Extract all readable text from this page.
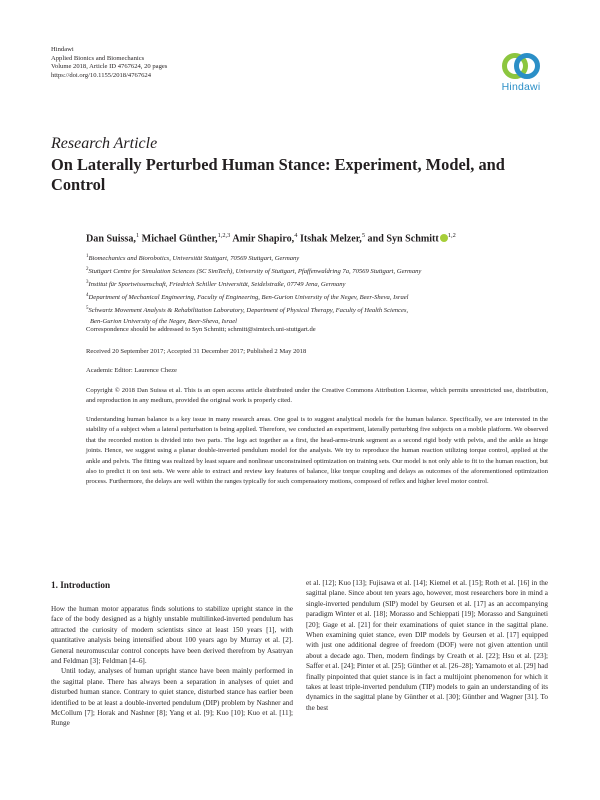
Hindawi
Applied Bionics and Biomechanics
Volume 2018, Article ID 4767624, 20 pages
https://doi.org/10.1155/2018/4767624
Hindawi
Research Article
On Laterally Perturbed Human Stance: Experiment, Model, and Control
Dan Suissa,$^1$ Michael Günther,$^{1,2,3}$ Amir Shapiro,$^4$ Itshak Melzer,$^5$ and Syn Schmitt $^{1,2}$

$^1$Biomechanics and Biorobotics, Universität Stuttgart, 70569 Stuttgart, Germany

$^2$Stuttgart Centre for Simulation Sciences (SC SimTech), University of Stuttgart, Pfaffenwaldring 7a, 70569 Stuttgart, Germany

$^3$Institut für Sportwissenschaft, Friedrich Schiller Universität, Seidelstraße, 07749 Jena, Germany

$^4$Department of Mechanical Engineering, Faculty of Engineering, Ben-Gurion University of the Negev, Beer-Sheva, Israel

$^5$Schwartz Movement Analysis & Rehabilitation Laboratory, Department of Physical Therapy, Faculty of Health Sciences,

Ben-Gurion University of the Negev, Beer-Sheva, Israel

Correspondence should be addressed to Syn Schmitt; schmitt@simtech.uni-stuttgart.de
Received 20 September 2017; Accepted 31 December 2017; Published 2 May 2018
Academic Editor: Laurence Cheze
Copyright © 2018 Dan Suissa et al. This is an open access article distributed under the Creative Commons Attribution License, which permits unrestricted use, distribution, and reproduction in any medium, provided the original work is properly cited.
Understanding human balance is a key issue in many research areas. One goal is to suggest analytical models for the human balance. Specifically, we are interested in the stability of a subject when a lateral perturbation is being applied. Therefore, we conducted an experiment, laterally perturbing five subjects on a mobile platform. We observed that the recorded motion is divided into two parts. The legs act together as a first, the head-arms-trunk segment as a second rigid body with pelvis, and the ankle as hinge joints. Hence, we suggest using a planar double-inverted pendulum model for the analysis. We try to reproduce the human reaction utilizing torque control, applied at the ankle and pelvis. The fitting was realized by least square and nonlinear unconstrained optimization on training sets. Our model is not only able to fit to the human reaction, but also to predict it on test sets. We were able to extract and review key features of balance, like torque coupling and delays as outcomes of the aforementioned optimization process. Furthermore, the delays are well within the ranges typically for such compensatory motions, composed of reflex and higher level motor control.
1. Introduction

How the human motor apparatus finds solutions to stabilize upright stance in the face of the body designed as a highly unstable multilinked-inverted pendulum has attracted the curiosity of modern scientists since at least 150 years [1], with quantitative analysis being intensified about 100 years ago by Murray et al. [2]. General neuromuscular control concepts have been derived therefrom by Asatryan and Feldman [3]; Feldman [4–6].

Until today, analyses of human upright stance have been mainly performed in the sagittal plane. There has always been a separation in analyses of quiet and disturbed human stance. Contrary to quiet stance, disturbed stance has earlier been identified to be at least a double-inverted pendulum (DIP) problem by Nashner and McCollum [7]; Horak and Nashner [8]; Yang et al. [9]; Kuo [10]; Kuo et al. [11]; Runge

et al. [12]; Kuo [13]; Fujisawa et al. [14]; Kiemel et al. [15]; Roth et al. [16] in the sagittal plane. Since about ten years ago, however, most researchers bore in mind a single-inverted pendulum (SIP) model by Geursen et al. [17] as an accompanying paradigm Winter et al. [18]; Morasso and Schieppati [19]; Morasso and Sanguineti [20]; Gage et al. [21] for their examinations of quiet stance in the sagittal plane. When examining quiet stance, even DIP models by Geursen et al. [17] equipped with just one additional degree of freedom (DOF) were not given attention until about a decade ago. Then, modern findings by Creath et al. [22]; Hsu et al. [23]; Saffer et al. [24]; Pinter et al. [25]; Günther et al. [26–28]; Yamamoto et al. [29] had finally pinpointed that quiet stance is in fact a multijoint phenomenon for which it takes at least triple-inverted pendulum (TIP) models to gain an understanding of its dynamics in the sagittal plane by Günther et al. [30]; Günther and Wagner [31]. To the best
